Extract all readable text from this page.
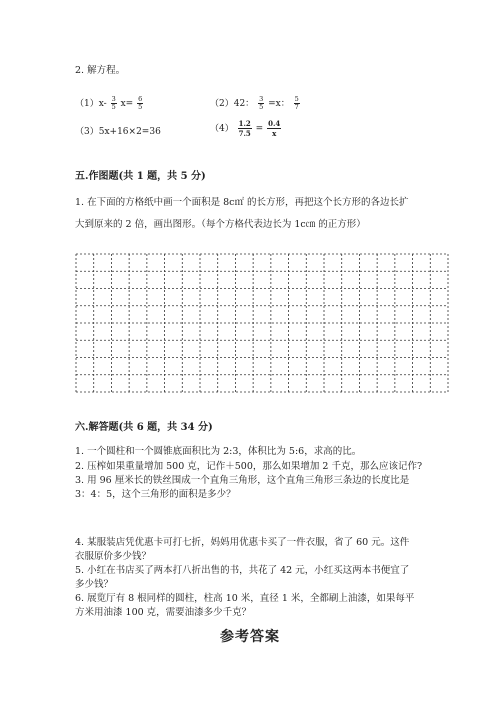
2. 解方程。
$(1)x- \frac{3}{5} x= \frac{6}{5}$	（2）42： $\frac{3}{5} =x$： $\frac{5}{7}$
（3）5x+16×2=36	$(4) \frac{1.2}{7.5} = \frac{0.4}{x}$
五.作图题(共 1 题，共 5 分)
1. 在下面的方格纸中画一个面积是 8c㎡ 的长方形，再把这个长方形的各边长扩
大到原来的 2 倍，画出图形。（每个方格代表边长为 1c㎝ 的正方形）
六.解答题(共 6 题，共 34 分)
1. 一个圆柱和一个圆锥底面积比为 2:3，体积比为 5:6，求高的比。
2. 压榨如果重量增加 500 克，记作＋500，那么如果增加 2 千克，那么应该记作?
3. 用 96 厘米长的铁丝围成一个直角三角形，这个直角三角形三条边的长度比是
3：4：5，这个三角形的面积是多少？
4. 某服装店凭优惠卡可打七折，妈妈用优惠卡买了一件衣服，省了 60 元。这件
衣服原价多少钱？
5. 小红在书店买了两本打八折出售的书，共花了 42 元，小红买这两本书便宜了
多少钱？
6. 展览厅有 8 根同样的圆柱，柱高 10 米，直径 1 米，全都刷上油漆，如果每平
方米用油漆 100 克，需要油漆多少千克？
参考答案
